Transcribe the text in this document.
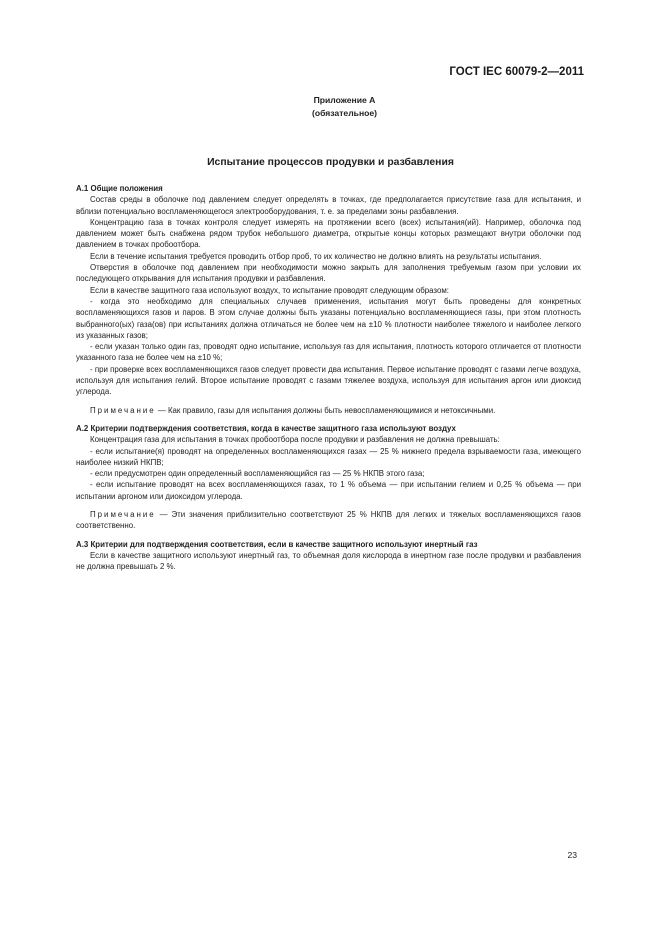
ГОСТ IEC 60079-2—2011
Приложение А
(обязательное)
Испытание процессов продувки и разбавления

А.1 Общие положения

Состав среды в оболочке под давлением следует определять в точках, где предполагается присутствие газа для испытания, и вблизи потенциально воспламеняющегося электрооборудования, т. е. за пределами зоны разбавления.

Концентрацию газа в точках контроля следует измерять на протяжении всего (всех) испытания(ий). Например, оболочка под давлением может быть снабжена рядом трубок небольшого диаметра, открытые концы которых размещают внутри оболочки под давлением в точках пробоотбора.

Если в течение испытания требуется проводить отбор проб, то их количество не должно влиять на результаты испытания.

Отверстия в оболочке под давлением при необходимости можно закрыть для заполнения требуемым газом при условии их последующего открывания для испытания продувки и разбавления.

Если в качестве защитного газа используют воздух, то испытание проводят следующим образом:

- когда это необходимо для специальных случаев применения, испытания могут быть проведены для конкретных воспламеняющихся газов и паров. В этом случае должны быть указаны потенциально воспламеняющиеся газы, при этом плотность выбранного(ых) газа(ов) при испытаниях должна отличаться не более чем на ±10 % плотности наиболее тяжелого и наиболее легкого из указанных газов;

- если указан только один газ, проводят одно испытание, используя газ для испытания, плотность которого отличается от плотности указанного газа не более чем на ±10 %;

- при проверке всех воспламеняющихся газов следует провести два испытания. Первое испытание проводят с газами легче воздуха, используя для испытания гелий. Второе испытание проводят с газами тяжелее воздуха, используя для испытания аргон или диоксид углерода.

Примечание — Как правило, газы для испытания должны быть невоспламеняющимися и нетоксичными.

А.2 Критерии подтверждения соответствия, когда в качестве защитного газа используют воздух

Концентрация газа для испытания в точках пробоотбора после продувки и разбавления не должна превышать:

- если испытание(я) проводят на определенных воспламеняющихся газах — 25 % нижнего предела взрываемости газа, имеющего наиболее низкий НКПВ;

- если предусмотрен один определенный воспламеняющийся газ — 25 % НКПВ этого газа;

- если испытание проводят на всех воспламеняющихся газах, то 1 % объема — при испытании гелием и 0,25 % объема — при испытании аргоном или диоксидом углерода.

Примечание — Эти значения приблизительно соответствуют 25 % НКПВ для легких и тяжелых воспламеняющихся газов соответственно.

А.3 Критерии для подтверждения соответствия, если в качестве защитного используют инертный газ

Если в качестве защитного используют инертный газ, то объемная доля кислорода в инертном газе после продувки и разбавления не должна превышать 2 %.

23
